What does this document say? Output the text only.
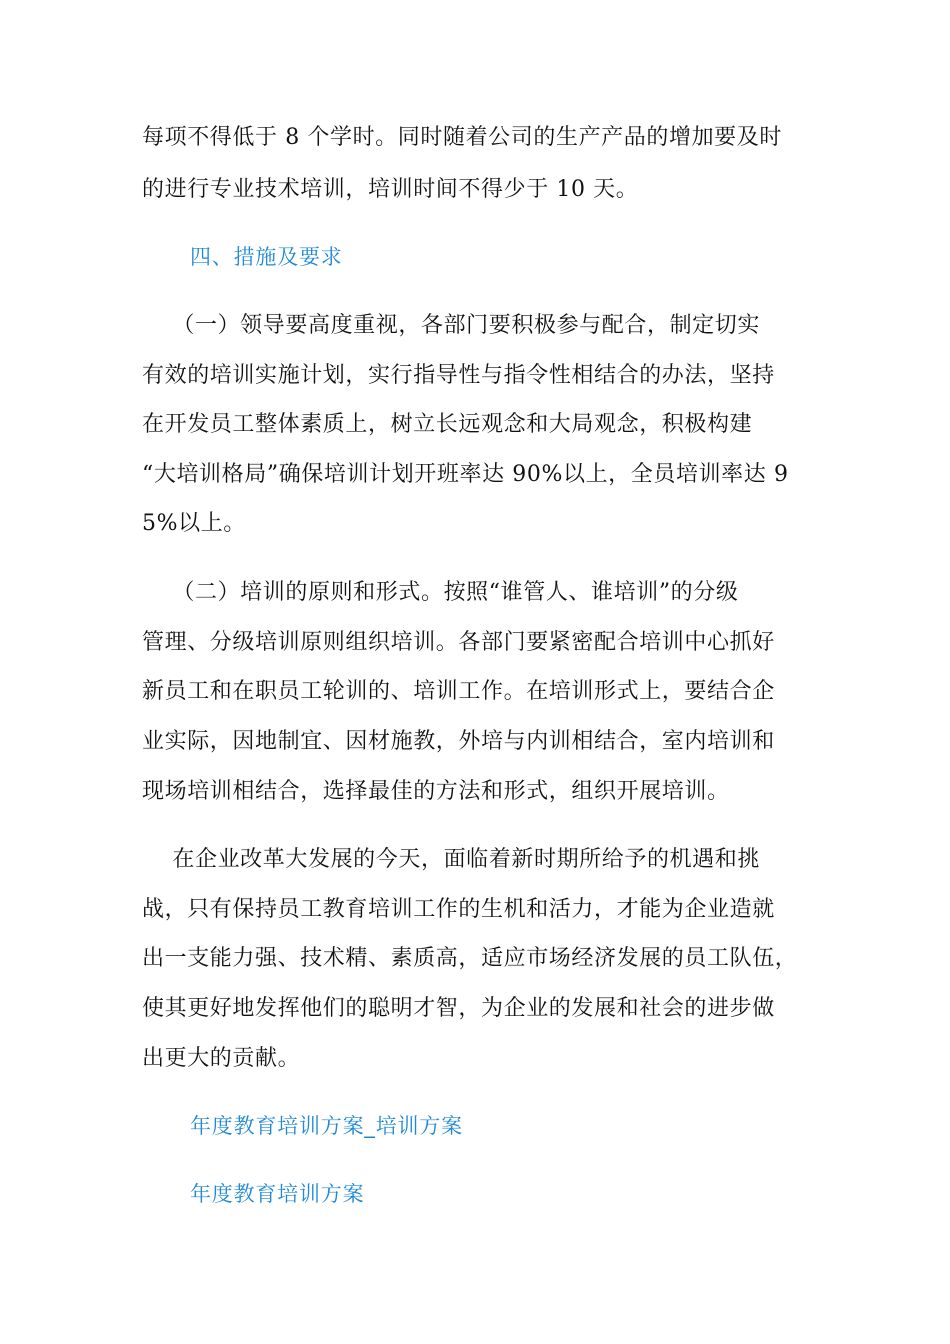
每项不得低于 8 个学时。同时随着公司的生产产品的增加要及时
的进行专业技术培训，培训时间不得少于 10 天。
四、措施及要求
（一）领导要高度重视，各部门要积极参与配合，制定切实
有效的培训实施计划，实行指导性与指令性相结合的办法，坚持
在开发员工整体素质上，树立长远观念和大局观念，积极构建
“大培训格局”确保培训计划开班率达 90%以上，全员培训率达 9
5%以上。
（二）培训的原则和形式。按照“谁管人、谁培训”的分级
管理、分级培训原则组织培训。各部门要紧密配合培训中心抓好
新员工和在职员工轮训的、培训工作。在培训形式上，要结合企
业实际，因地制宜、因材施教，外培与内训相结合，室内培训和
现场培训相结合，选择最佳的方法和形式，组织开展培训。
在企业改革大发展的今天，面临着新时期所给予的机遇和挑
战，只有保持员工教育培训工作的生机和活力，才能为企业造就
出一支能力强、技术精、素质高，适应市场经济发展的员工队伍，
使其更好地发挥他们的聪明才智，为企业的发展和社会的进步做
出更大的贡献。
年度教育培训方案_培训方案
年度教育培训方案
